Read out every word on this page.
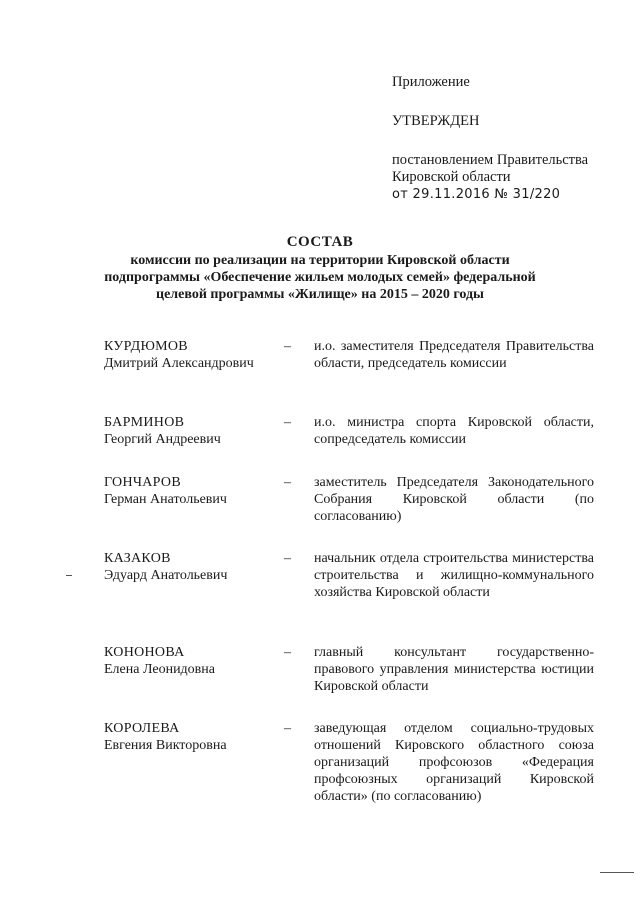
Приложение

УТВЕРЖДЕН

постановлением Правительства

Кировской области

от 29.11.2016 № 31/220

СОСТАВ
комиссии по реализации на территории Кировской области
подпрограммы «Обеспечение жильем молодых семей» федеральной
целевой программы «Жилище» на 2015 – 2020 годы
КУРДЮМОВ
Дмитрий Александрович
–	и.о. заместителя Председателя Правительства области, председатель комиссии
БАРМИНОВ
Георгий Андреевич
–	и.о. министра спорта Кировской области, сопредседатель комиссии
ГОНЧАРОВ
Герман Анатольевич
–	заместитель Председателя Законодательного Собрания Кировской области (по согласованию)
КАЗАКОВ
Эдуард Анатольевич
–	начальник отдела строительства министерства строительства и жилищно-коммунального хозяйства Кировской области
КОНОНОВА
Елена Леонидовна
–	главный консультант государственно-правового управления министерства юстиции Кировской области
КОРОЛЕВА
Евгения Викторовна
–	заведующая отделом социально-трудовых отношений Кировского областного союза организаций профсоюзов «Федерация профсоюзных организаций Кировской области» (по согласованию)
